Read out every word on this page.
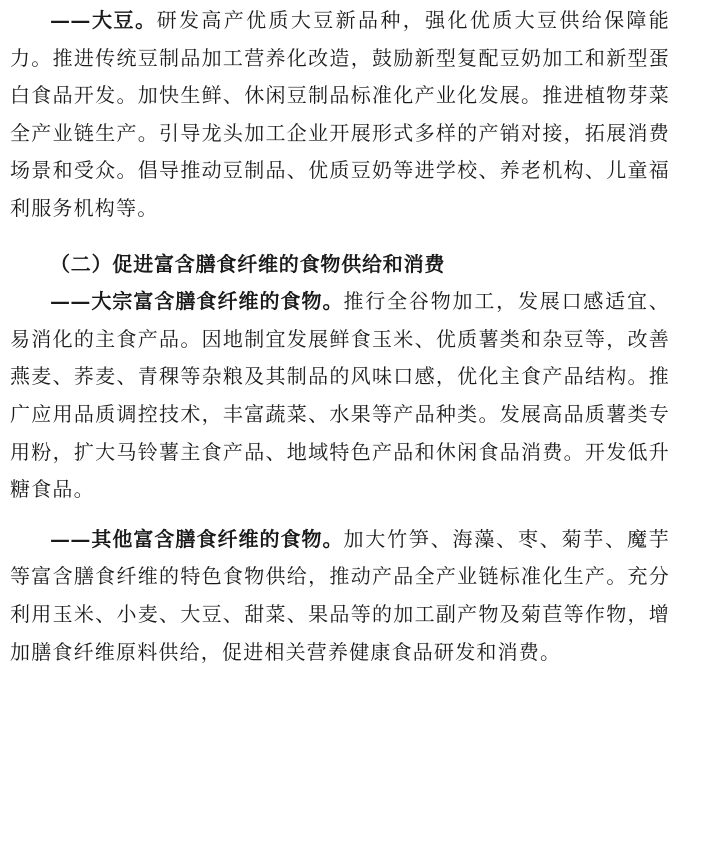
——大豆。研发高产优质大豆新品种，强化优质大豆供给保障能力。推进传统豆制品加工营养化改造，鼓励新型复配豆奶加工和新型蛋白食品开发。加快生鲜、休闲豆制品标准化产业化发展。推进植物芽菜全产业链生产。引导龙头加工企业开展形式多样的产销对接，拓展消费场景和受众。倡导推动豆制品、优质豆奶等进学校、养老机构、儿童福利服务机构等。

（二）促进富含膳食纤维的食物供给和消费

——大宗富含膳食纤维的食物。推行全谷物加工，发展口感适宜、易消化的主食产品。因地制宜发展鲜食玉米、优质薯类和杂豆等，改善燕麦、荞麦、青稞等杂粮及其制品的风味口感，优化主食产品结构。推广应用品质调控技术，丰富蔬菜、水果等产品种类。发展高品质薯类专用粉，扩大马铃薯主食产品、地域特色产品和休闲食品消费。开发低升糖食品。

——其他富含膳食纤维的食物。加大竹笋、海藻、枣、菊芋、魔芋等富含膳食纤维的特色食物供给，推动产品全产业链标准化生产。充分利用玉米、小麦、大豆、甜菜、果品等的加工副产物及菊苣等作物，增加膳食纤维原料供给，促进相关营养健康食品研发和消费。
